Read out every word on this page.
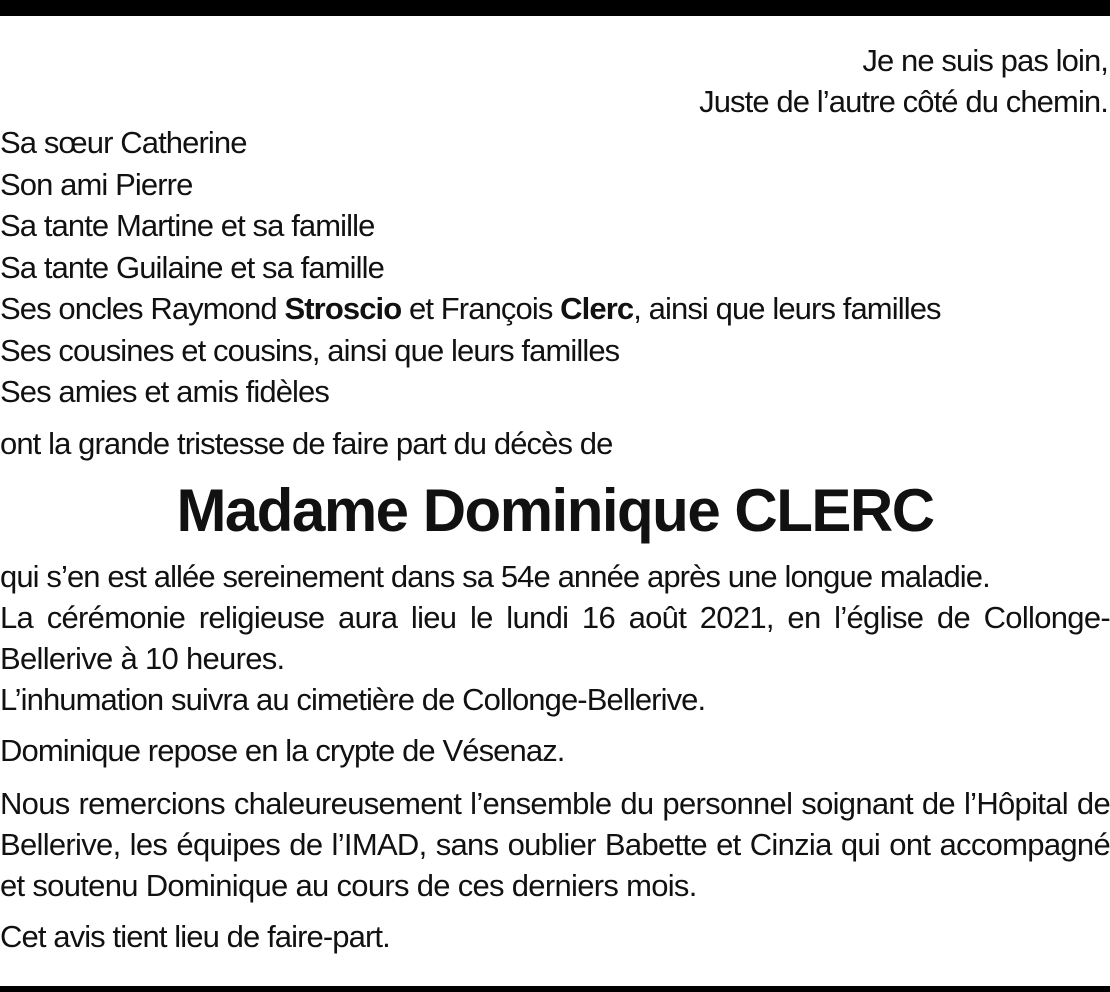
Je ne suis pas loin,
Juste de l’autre côté du chemin.
Sa sœur Catherine
Son ami Pierre
Sa tante Martine et sa famille
Sa tante Guilaine et sa famille
Ses oncles Raymond Stroscio et François Clerc, ainsi que leurs familles
Ses cousines et cousins, ainsi que leurs familles
Ses amies et amis fidèles
ont la grande tristesse de faire part du décès de
Madame Dominique CLERC
qui s’en est allée sereinement dans sa 54e année après une longue maladie.
La cérémonie religieuse aura lieu le lundi 16 août 2021, en l’église de Collonge-Bellerive à 10 heures.
L’inhumation suivra au cimetière de Collonge-Bellerive.
Dominique repose en la crypte de Vésenaz.
Nous remercions chaleureusement l’ensemble du personnel soignant de l’Hôpital de Bellerive, les équipes de l’IMAD, sans oublier Babette et Cinzia qui ont accompagné et soutenu Dominique au cours de ces derniers mois.
Cet avis tient lieu de faire-part.
